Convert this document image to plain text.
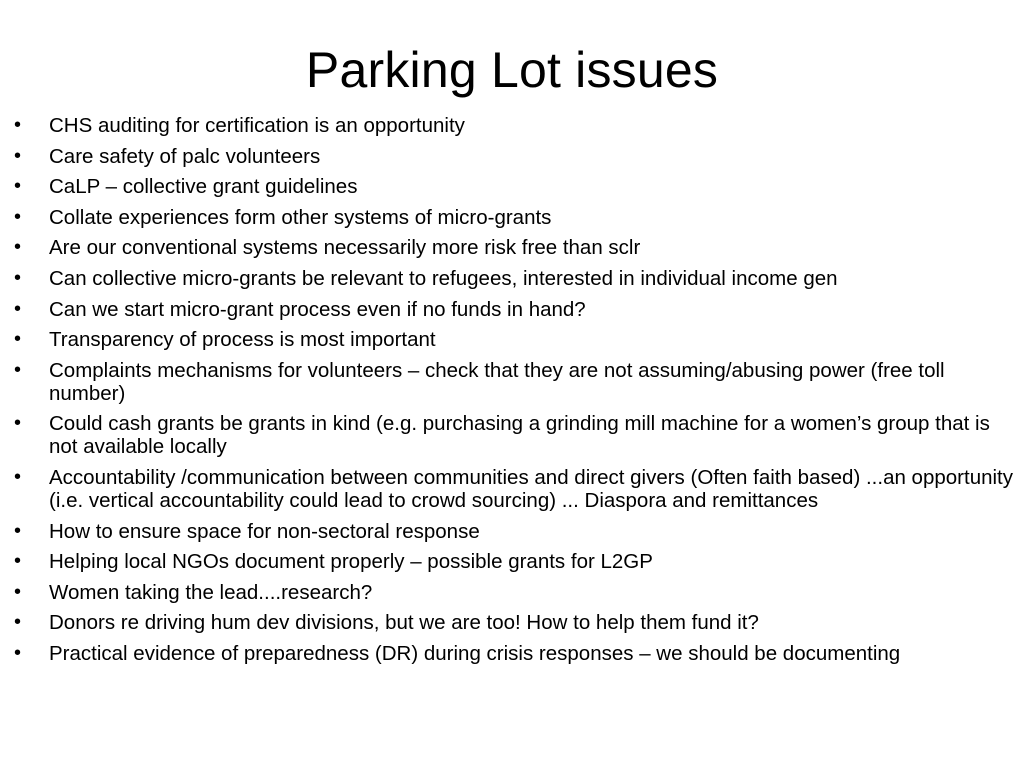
Parking Lot issues
•	CHS auditing for certification is an opportunity
•	Care safety of palc volunteers
•	CaLP – collective grant guidelines
•	Collate experiences form other systems of micro-grants
•	Are our conventional systems necessarily more risk free than sclr
•	Can collective micro-grants be relevant to refugees, interested in individual income gen
•	Can we start micro-grant process even if no funds in hand?
•	Transparency of process is most important
•	Complaints mechanisms for volunteers – check that they are not assuming/abusing power (free toll number)
•	Could cash grants be grants in kind (e.g. purchasing a grinding mill machine for a women’s group that is not available locally
•	Accountability /communication between communities and direct givers (Often faith based) ...an opportunity (i.e. vertical accountability could lead to crowd sourcing) ... Diaspora and remittances
•	How to ensure space for non-sectoral response
•	Helping local NGOs document properly – possible grants for L2GP
•	Women taking the lead....research?
•	Donors re driving hum dev divisions, but we are too! How to help them fund it?
•	Practical evidence of preparedness (DR) during crisis responses – we should be documenting
